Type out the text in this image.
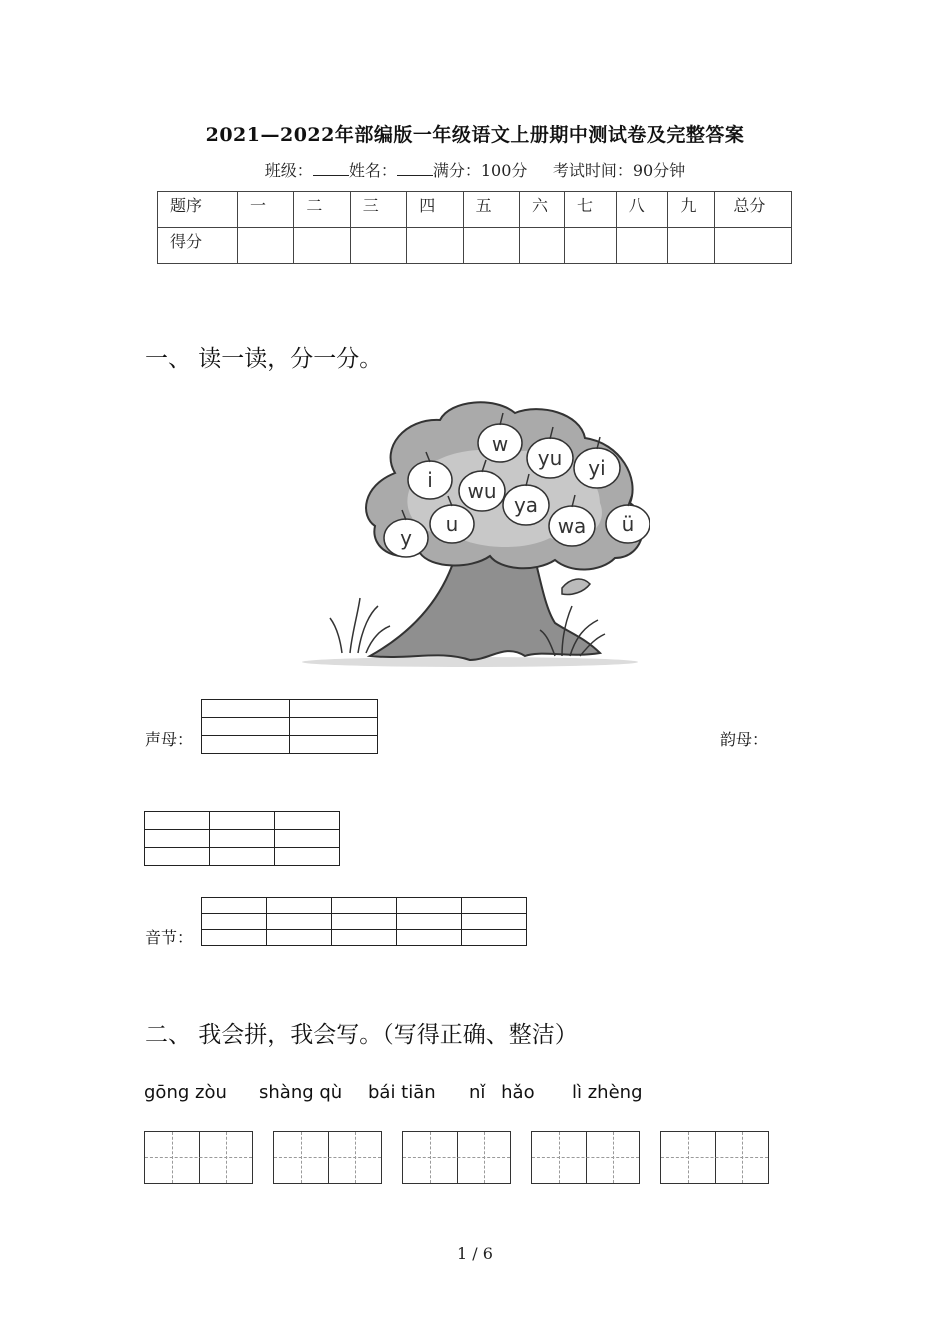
2021—2022年部编版一年级语文上册期中测试卷及完整答案
班级： 姓名： 满分：100分 考试时间：90分钟
题序	一	二	三	四	五	六	七	八	九	总分
得分										
一、 读一读，分一分。
w
yu yi
i wu
ya
u
y	wa ü
声母：

		韵母：

音节：

二、 我会拼，我会写。（写得正确、整洁）
gōng zòu shàng qù bái tiān nǐ hǎo lì zhèng
1 / 6
